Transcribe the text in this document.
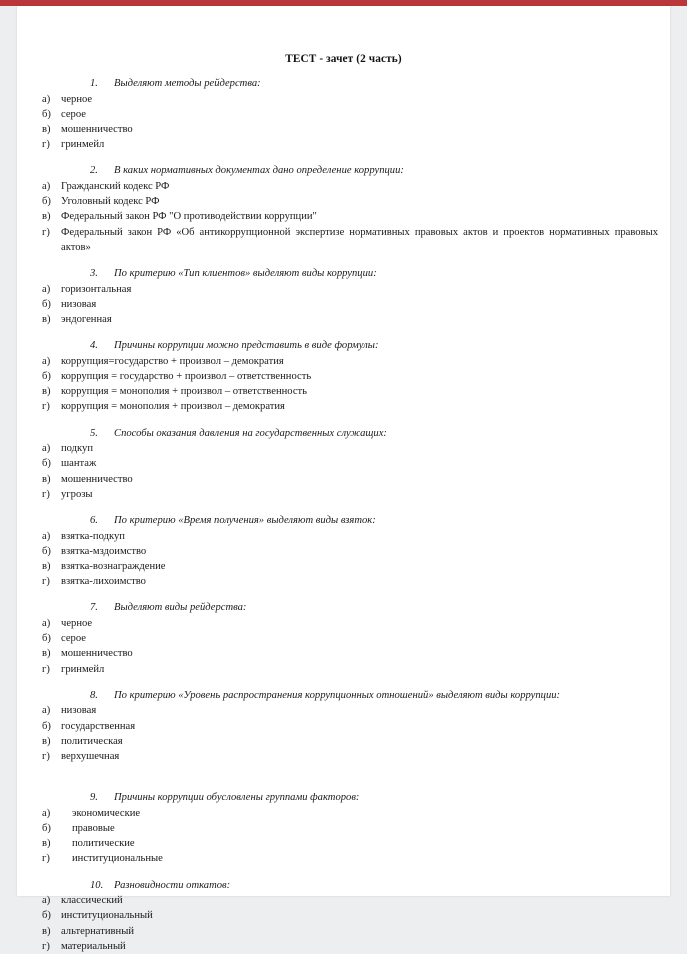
ТЕСТ - зачет (2 часть)
1. Выделяют методы рейдерства:
а)	черное
б) серое
в) мошенничество
г)	гринмейл
2. В каких нормативных документах дано определение коррупции:
а)	Гражданский кодекс РФ
б) Уголовный кодекс РФ
в) Федеральный закон РФ "О противодействии коррупции"
г)	Федеральный закон РФ «Об антикоррупционной экспертизе нормативных правовых актов и проектов нормативных правовых актов»
3. По критерию «Тип клиентов» выделяют виды коррупции:
а)	горизонтальная
б) низовая
в) эндогенная
4. Причины коррупции можно представить в виде формулы:
а)	коррупция=государство + произвол – демократия
б) коррупция = государство + произвол – ответственность
в) коррупция = монополия + произвол – ответственность
г)	коррупция = монополия + произвол – демократия
5. Способы оказания давления на государственных служащих:
а)	подкуп
б) шантаж
в) мошенничество
г)	угрозы
6. По критерию «Время получения» выделяют виды взяток:
а)	взятка-подкуп
б) взятка-мздоимство
в) взятка-вознаграждение
г)	взятка-лихоимство
7. Выделяют виды рейдерства:
а)	черное
б) серое
в) мошенничество
г)	гринмейл
8. По критерию «Уровень распространения коррупционных отношений» выделяют виды коррупции:
а)	низовая
б) государственная
в) политическая
г)	верхушечная
9. Причины коррупции обусловлены группами факторов:
а)	экономические
б)	правовые
в)	политические
г)	институциональные
10. Разновидности откатов:
а)	классический
б) институциональный
в) альтернативный
г)	материальный
